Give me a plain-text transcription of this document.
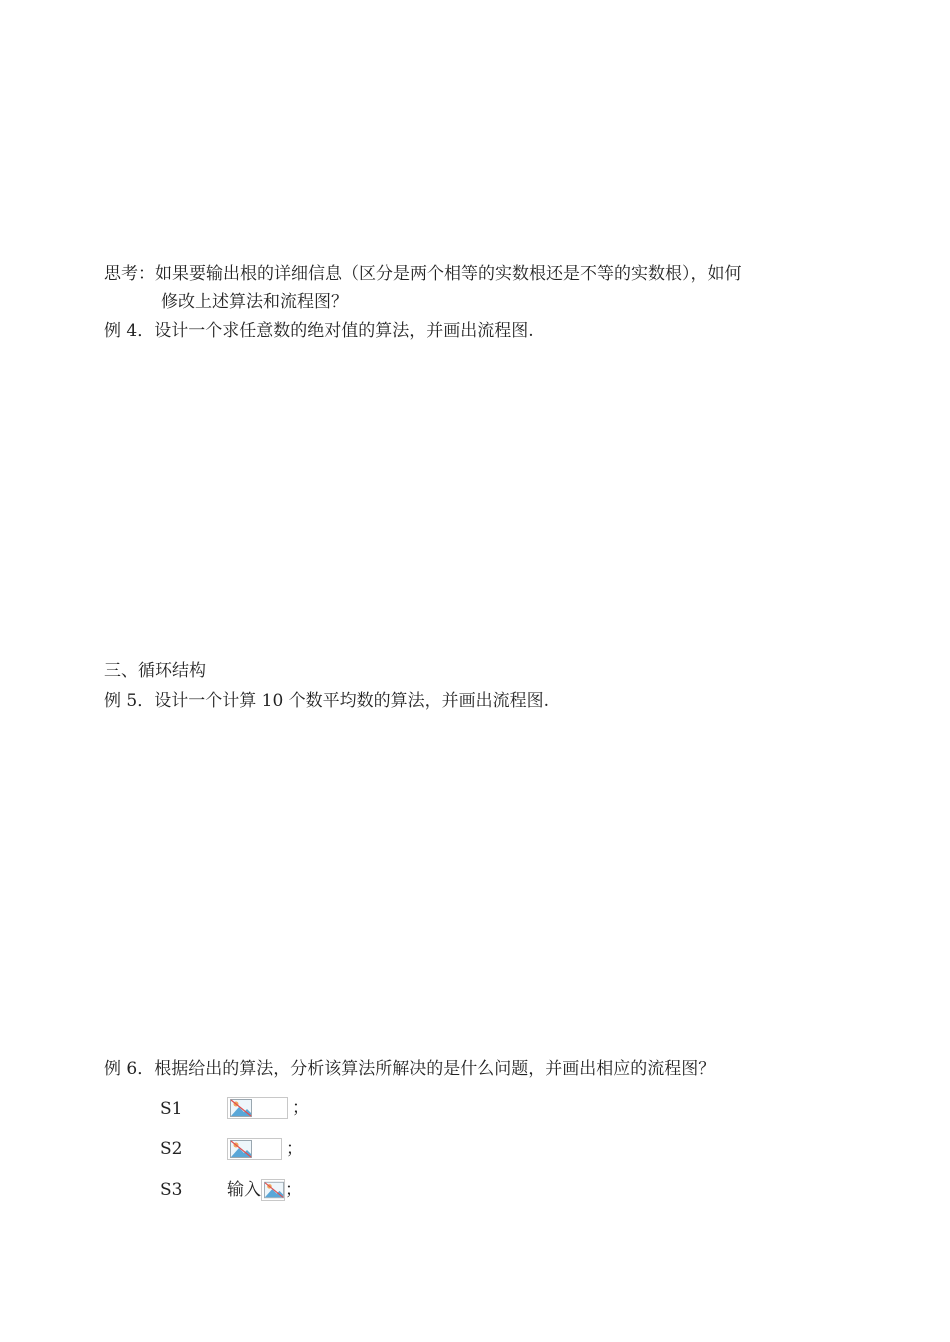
思考：如果要输出根的详细信息（区分是两个相等的实数根还是不等的实数根），如何
修改上述算法和流程图？
例 4．设计一个求任意数的绝对值的算法，并画出流程图.
三、循环结构
例 5．设计一个计算 10 个数平均数的算法，并画出流程图.
例 6．根据给出的算法，分析该算法所解决的是什么问题，并画出相应的流程图？
S1	；
S2	；
S3	输入 ；
